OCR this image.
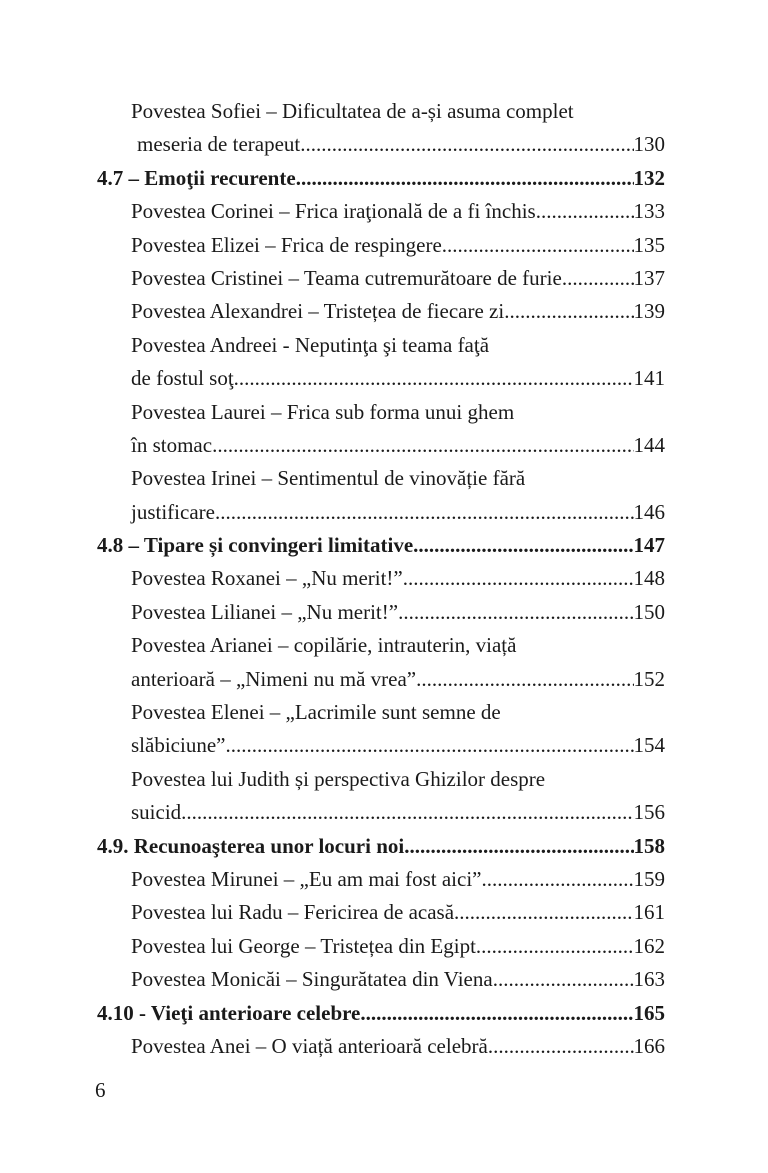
Povestea Sofiei – Dificultatea de a-și asuma complet
meseria de terapeut .....	130
4.7 – Emoţii recurente .....	132
Povestea Corinei – Frica iraţională de a fi închis .....	133
Povestea Elizei – Frica de respingere .....	135
Povestea Cristinei – Teama cutremurătoare de furie .....	137
Povestea Alexandrei – Tristețea de fiecare zi .....	139
Povestea Andreei - Neputinţa şi teama faţă
de fostul soţ .....	141
Povestea Laurei – Frica sub forma unui ghem
în stomac .....	144
Povestea Irinei – Sentimentul de vinovăție fără
justificare .....	146
4.8 – Tipare și convingeri limitative .....	147
Povestea Roxanei – „Nu merit!” .....	148
Povestea Lilianei – „Nu merit!” .....	150
Povestea Arianei – copilărie, intrauterin, viață
anterioară – „Nimeni nu mă vrea” .....	152
Povestea Elenei – „Lacrimile sunt semne de
slăbiciune” .....	154
Povestea lui Judith și perspectiva Ghizilor despre
suicid .....	156
4.9. Recunoaşterea unor locuri noi .....	158
Povestea Mirunei – „Eu am mai fost aici” .....	159
Povestea lui Radu – Fericirea de acasă .....	161
Povestea lui George – Tristețea din Egipt .....	162
Povestea Monicăi – Singurătatea din Viena .....	163
4.10 - Vieţi anterioare celebre .....	165
Povestea Anei – O viață anterioară celebră .....	166
6
